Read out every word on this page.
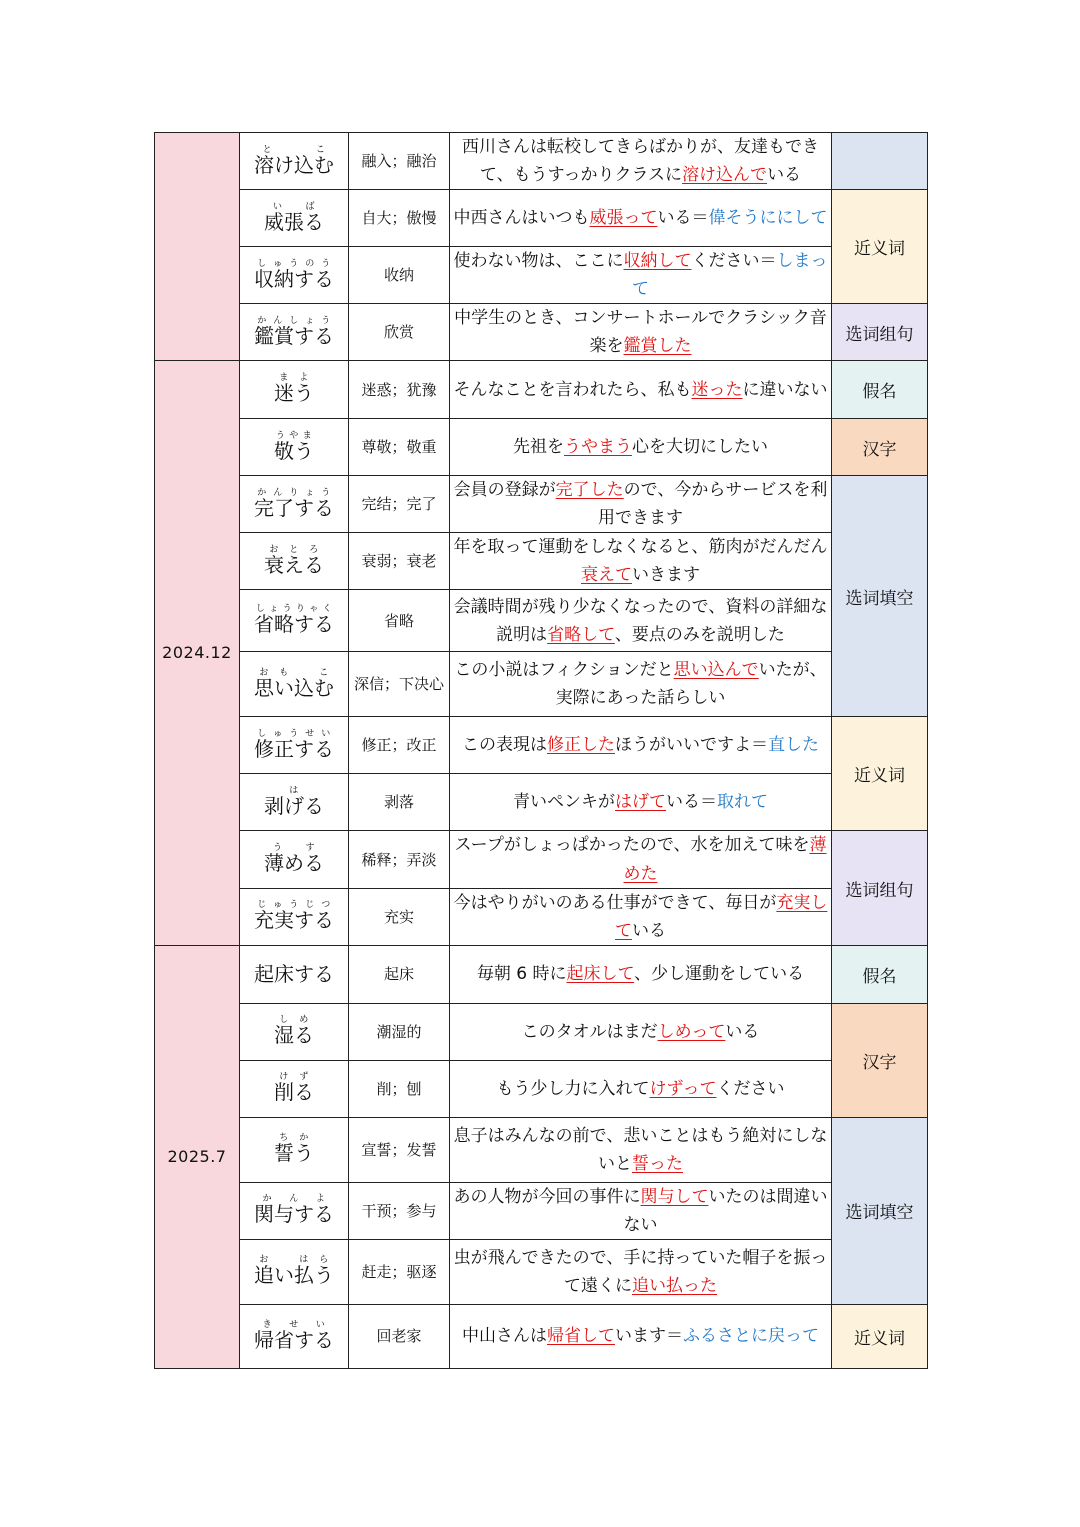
	溶け込むと　こ	融入；融治	西川さんは転校してきらばかりが、友達もできて、もうすっかりクラスに溶け込んでいる	
	威張るいば	自大；傲慢	中西さんはいつも威張っている＝偉そうににして	近义词
	収納するしゅうのう	收纳	使わない物は、ここに収納してください＝しまって	
	鑑賞するかんしょう	欣赏	中学生のとき、コンサートホールでクラシック音楽を鑑賞した	选词组句
2024.12	迷うまよ	迷惑；犹豫	そんなことを言われたら、私も迷ったに違いない	假名
	敬ううやま	尊敬；敬重	先祖をうやまう心を大切にしたい	汉字
	完了するかんりょう	完结；完了	会員の登録が完了したので、今からサービスを利用できます	选词填空
	衰えるおとろ	衰弱；衰老	年を取って運動をしなくなると、筋肉がだんだん衰えていきます	
	省略するしょうりゃく	省略	会議時間が残り少なくなったので、資料の詳細な説明は省略して、要点のみを説明した	
	思い込むおも　こ	深信；下决心	この小説はフィクションだと思い込んでいたが、実際にあった話らしい	
	修正するしゅうせい	修正；改正	この表現は修正したほうがいいですよ＝直した	近义词
	剥げるは	剥落	青いペンキがはげている＝取れて	
	薄めるうす	稀释；弄淡	スープがしょっぱかったので、水を加えて味を薄めた	选词组句
	充実するじゅうじつ	充实	今はやりがいのある仕事ができて、毎日が充実している	
2025.7	起床する	起床	毎朝 6 時に起床して、少し運動をしている	假名
	湿るしめ	潮湿的	このタオルはまだしめっている	汉字
	削るけず	削；刨	もう少し力に入れてけずってください	
	誓うちか	宣誓；发誓	息子はみんなの前で、悲いことはもう絶対にしないと誓った	选词填空
	関与するかんよ	干预；参与	あの人物が今回の事件に関与していたのは間違いない	
	追い払うお　はら	赶走；驱逐	虫が飛んできたので、手に持っていた帽子を振って遠くに追い払った	
	帰省するきせい	回老家	中山さんは帰省しています＝ふるさとに戻って	近义词
